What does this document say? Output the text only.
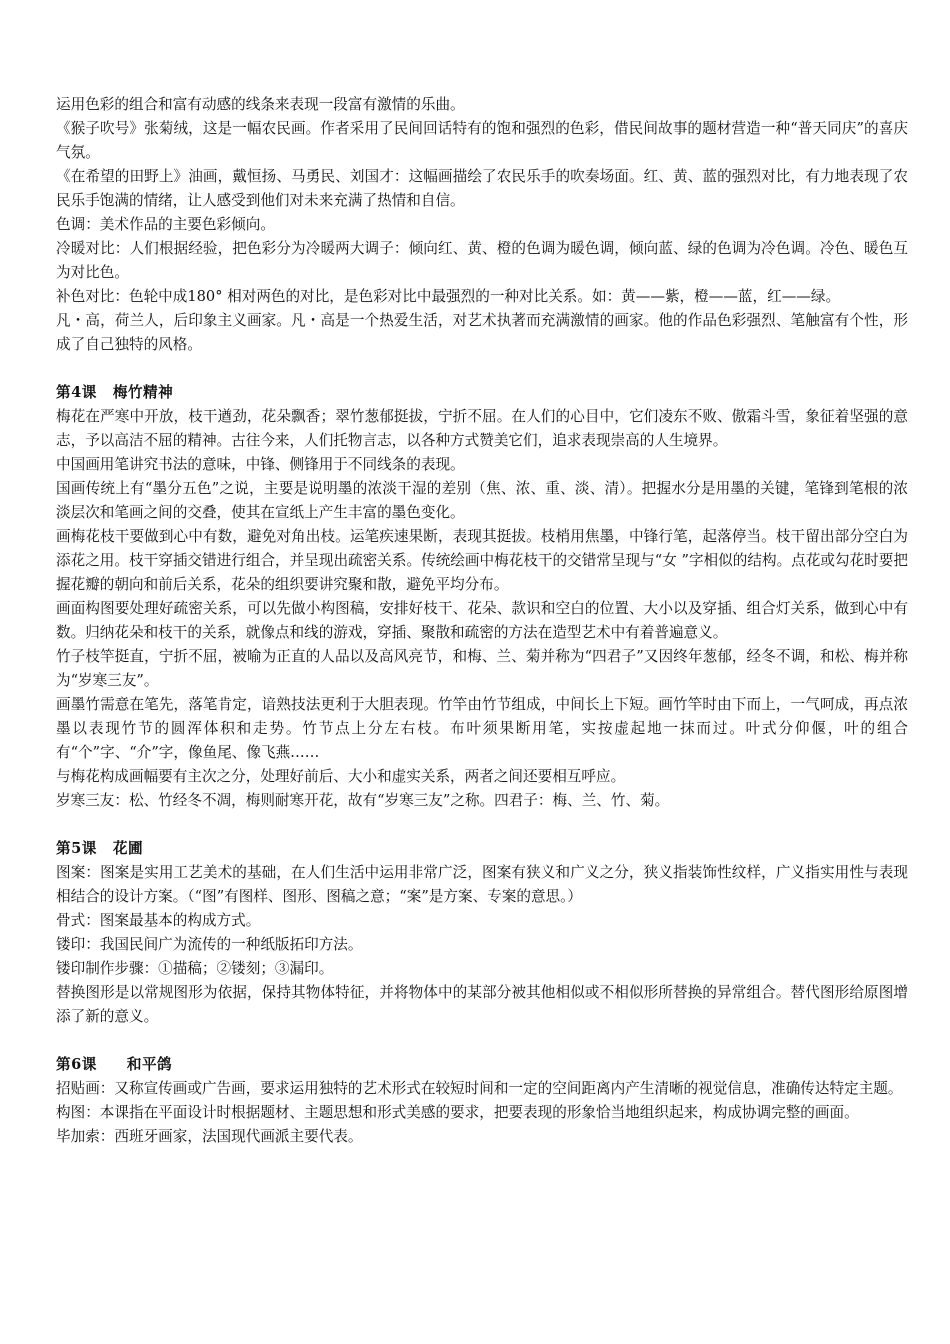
运用色彩的组合和富有动感的线条来表现一段富有激情的乐曲。

《猴子吹号》张菊绒，这是一幅农民画。作者采用了民间回话特有的饱和强烈的色彩，借民间故事的题材营造一种“普天同庆”的喜庆气氛。

《在希望的田野上》油画，戴恒扬、马勇民、刘国才：这幅画描绘了农民乐手的吹奏场面。红、黄、蓝的强烈对比，有力地表现了农民乐手饱满的情绪，让人感受到他们对未来充满了热情和自信。

色调：美术作品的主要色彩倾向。

冷暖对比：人们根据经验，把色彩分为冷暖两大调子：倾向红、黄、橙的色调为暖色调，倾向蓝、绿的色调为冷色调。冷色、暖色互为对比色。

补色对比：色轮中成180° 相对两色的对比，是色彩对比中最强烈的一种对比关系。如：黄——紫，橙——蓝，红——绿。

凡・高，荷兰人，后印象主义画家。凡・高是一个热爱生活，对艺术执著而充满激情的画家。他的作品色彩强烈、笔触富有个性，形成了自己独特的风格。

第4课 梅竹精神

梅花在严寒中开放，枝干遒劲，花朵飘香；翠竹葱郁挺拔，宁折不屈。在人们的心目中，它们凌东不败、傲霜斗雪，象征着坚强的意志，予以高洁不屈的精神。古往今来，人们托物言志，以各种方式赞美它们，追求表现崇高的人生境界。

中国画用笔讲究书法的意味，中锋、侧锋用于不同线条的表现。

国画传统上有“墨分五色”之说，主要是说明墨的浓淡干湿的差别（焦、浓、重、淡、清）。把握水分是用墨的关键，笔锋到笔根的浓淡层次和笔画之间的交叠，使其在宣纸上产生丰富的墨色变化。

画梅花枝干要做到心中有数，避免对角出枝。运笔疾速果断，表现其挺拔。枝梢用焦墨，中锋行笔，起落停当。枝干留出部分空白为添花之用。枝干穿插交错进行组合，并呈现出疏密关系。传统绘画中梅花枝干的交错常呈现与“女 ”字相似的结构。点花或勾花时要把握花瓣的朝向和前后关系，花朵的组织要讲究聚和散，避免平均分布。

画面构图要处理好疏密关系，可以先做小构图稿，安排好枝干、花朵、款识和空白的位置、大小以及穿插、组合灯关系，做到心中有数。归纳花朵和枝干的关系，就像点和线的游戏，穿插、聚散和疏密的方法在造型艺术中有着普遍意义。

竹子枝竿挺直，宁折不屈，被喻为正直的人品以及高风亮节，和梅、兰、菊并称为“四君子”又因终年葱郁，经冬不调，和松、梅并称为“岁寒三友”。

画墨竹需意在笔先，落笔肯定，谙熟技法更利于大胆表现。竹竿由竹节组成，中间长上下短。画竹竿时由下而上，一气呵成，再点浓墨以表现竹节的圆浑体积和走势。竹节点上分左右枝。布叶须果断用笔，实按虚起地一抹而过。叶式分仰偃，叶的组合有“个”字、“介”字，像鱼尾、像飞燕……

与梅花构成画幅要有主次之分，处理好前后、大小和虚实关系，两者之间还要相互呼应。

岁寒三友：松、竹经冬不凋，梅则耐寒开花，故有“岁寒三友”之称。四君子：梅、兰、竹、菊。

第5课 花圃

图案：图案是实用工艺美术的基础，在人们生活中运用非常广泛，图案有狭义和广义之分，狭义指装饰性纹样，广义指实用性与表现相结合的设计方案。（“图”有图样、图形、图稿之意；“案”是方案、专案的意思。）

骨式：图案最基本的构成方式。

镂印：我国民间广为流传的一种纸版拓印方法。

镂印制作步骤：①描稿；②镂刻；③漏印。

替换图形是以常规图形为依据，保持其物体特征，并将物体中的某部分被其他相似或不相似形所替换的异常组合。替代图形给原图增添了新的意义。

第6课 和平鸽

招贴画：又称宣传画或广告画，要求运用独特的艺术形式在较短时间和一定的空间距离内产生清晰的视觉信息，准确传达特定主题。

构图：本课指在平面设计时根据题材、主题思想和形式美感的要求，把要表现的形象恰当地组织起来，构成协调完整的画面。

毕加索：西班牙画家，法国现代画派主要代表。
